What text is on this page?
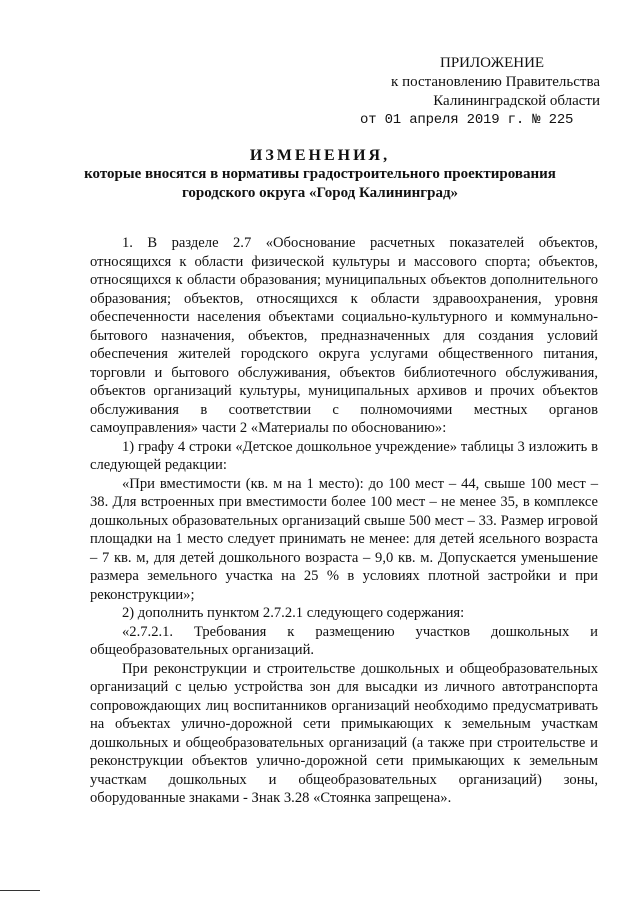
ПРИЛОЖЕНИЕ
к постановлению Правительства
Калининградской области
от 01 апреля 2019 г. № 225
ИЗМЕНЕНИЯ,
которые вносятся в нормативы градостроительного проектирования
городского округа «Город Калининград»

1. В разделе 2.7 «Обоснование расчетных показателей объектов, относящихся к области физической культуры и массового спорта; объектов, относящихся к области образования; муниципальных объектов дополнительного образования; объектов, относящихся к области здравоохранения, уровня обеспеченности населения объектами социально-культурного и коммунально-бытового назначения, объектов, предназначенных для создания условий обеспечения жителей городского округа услугами общественного питания, торговли и бытового обслуживания, объектов библиотечного обслуживания, объектов организаций культуры, муниципальных архивов и прочих объектов обслуживания в соответствии с полномочиями местных органов самоуправления» части 2 «Материалы по обоснованию»:

1) графу 4 строки «Детское дошкольное учреждение» таблицы 3 изложить в следующей редакции:

«При вместимости (кв. м на 1 место): до 100 мест – 44, свыше 100 мест – 38. Для встроенных при вместимости более 100 мест – не менее 35, в комплексе дошкольных образовательных организаций свыше 500 мест – 33. Размер игровой площадки на 1 место следует принимать не менее: для детей ясельного возраста – 7 кв. м, для детей дошкольного возраста – 9,0 кв. м. Допускается уменьшение размера земельного участка на 25 % в условиях плотной застройки и при реконструкции»;

2) дополнить пунктом 2.7.2.1 следующего содержания:

«2.7.2.1. Требования к размещению участков дошкольных и общеобразовательных организаций.

При реконструкции и строительстве дошкольных и общеобразовательных организаций с целью устройства зон для высадки из личного автотранспорта сопровождающих лиц воспитанников организаций необходимо предусматривать на объектах улично-дорожной сети примыкающих к земельным участкам дошкольных и общеобразовательных организаций (а также при строительстве и реконструкции объектов улично-дорожной сети примыкающих к земельным участкам дошкольных и общеобразовательных организаций) зоны, оборудованные знаками - Знак 3.28 «Стоянка запрещена».
